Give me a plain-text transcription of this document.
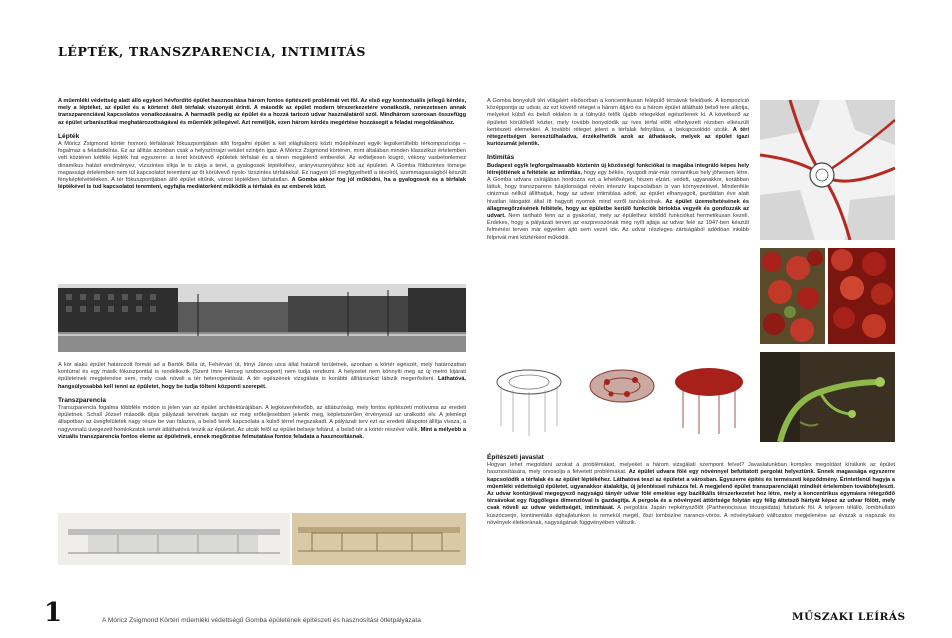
LÉPTÉK, TRANSZPARENCIA, INTIMITÁS

A műemléki védettség alatt álló egykori hévfordító épület hasznosítása három fontos építészeti problémát vet föl. Az első egy kontextuális jellegű kérdés, mely a léptéket, az épület és a körteret öleli térfalak viszonyát érinti. A második az épület modern térszerkezetére vonatkozik, nevezetesen annak transzparenciával kapcsolatos vonatkozásaira. A harmadik pedig az épület és a hozzá tartozó udvar használatáról szól. Mindhárom szorosan összefügg az épület urbanisztikai meghatározottságával és műemlék jellegével. Azt reméljük, ezen három kérdés megértése hozzásegít a feladat megoldásához.

Lépték

A Móricz Zsigmond körtér homorú térfalának fókuszpontjában álló forgalmi épület a két világháború közti műépítészet egyik legsikerültebb térkompozíciója – fogalmaz a feladatkiírás. Ez az állítás azonban csak a helyszínrajzi vetület szintjén igaz. A Móricz Zsigmond körtéren, mint általában minden klasszikus értelemben vett köztéren kétféle lépték hat egyszerre: a teret körülvevő épületek térfalaé és a téren megjelenő emberéké. Az erőteljesen kiugró, vékony vasbetonlemez dinamikus hatást eredményez, vízszintes síkja le is zárja a teret, a gyalogosok léptékéhez, arányviszonyához köti az épületet. A Gomba földszintes tömege magassági értelemben nem túl kapcsolatot teremteni az őt körülvevő nyolc- tizszintes térfalakkal. Ez nagyon jól megfigyelhető a távolról, szemmagasságból készült fényképfelvételeken. A tér fókuszpontjában álló épület eltűnik, városi léptékben láthatatlan. A Gomba akkor fog jól működni, ha a gyalogosok és a térfalak léptékével is tud kapcsolatot teremteni, egyfajta mediátorként működik a térfalak és az emberek közt.

A kör alakú épület határozott formát ad a Bartók Béla út, Fehérvári út, Irinyi János utca által határolt területnek, azonban a körtér egészét, mely határozattan kontúrral és egy másik fókuszponttal is rendelkezik (Szent Imre Herceg szoborcsoport) nem tudja rendezni. A helyzetet nem könnyíti meg az új metró kijárati épületeinek megjelenése sem, mely csak növeli a tér heterogenitását. A tér egészének vizsgálata is korábbi állításunkat látszik megerősíteni. Láthatóvá, hangsúlyosabbá kell tenni az épületet, hogy be tudja tölteni központi szerepét.

Transzparencia

Transzparencia fogalma többféle módon is jelen van az épület architektúrájában. A legkézenfekvőbb, az átlátszóság, mely fontos építészeti motívuma az eredeti épületnek. Schall József második díjas pályázati tervének tanjain ez még erőteljesebben jelenik meg, képletszerűen érvényesül az uralkodó elv. A jelenlegi állapotban az üvegfelületek nagy része be van falazva, a belső terek kapcsolata a külső térrel megszakadt. A pályázati terv ezt az eredeti állapotot állítja vissza, a nagyvonalú üvegezett homlokzatok ismét átláthatóvá teszik az épületet. Az utcák felől az épület belseje feltárul, a belső tér a körtér részévé válik. Mint a mélyebb a vizuális transzparencia fontos eleme az épületnek, ennek megőrzése felmutatása fontos feladata a hasznosításnak.

A Gomba bonyolult téri világáért elsősorban a koncentrikusan felépülő térsávok felelősek. A kompozíció középpontja az udvar, az ezt követő réteget a három átjáró és a három épület átlátható belső tere alkotja, melyeket külső és belső oldalon is a túlnyúló tetők újabb rétegekkel egészítenek ki. A következő az épületet körülölelő közter, mely tovább bonyolódik az íves térfal előtt elhelyezett rézsben elkészült kertészeti elemekkel. A további réteget jelent a térfalak felnyílása, a bekapcsolódó utcák. A téri rétegzettségen keresztülhaladva, érzékelhetők azok az áthatások, melyek az épület igazi kuriózumát jelentik.

Intimitás

Budapest egyik legforgalmasabb közterén új közösségi funkciókat is magába integráló képes hely létrejöttének a feltétele az intimitás, hogy egy békés, nyugodt már-már romantikus hely jöhessen létre. A Gomba udvara csírájában hordozza ezt a lehetőséget, hiszen elzárt, védett, ugyanakkor, korábban láttuk, hogy transzparens tulajdonságai révén intenzív kapcsolatban is van környezetével. Mindenféle cinizmus nélkül állíthatjuk, hogy az udvar intimitása adott, az épület elhanyagolt, gazdátlan éve alatt hivatlan látogatói által ítt hagyott nyomok mind ezről tanúskodnak. Az épület üzemeltetésének és állagmegőrzésének feltétele, hogy az épületbe kerülő funkciók birtokba vegyék és gondozzák az udvart. Nem tartható fenn az a gyakorlat, mely az épülethez kötődő funkciókat hermetikusan kezeli. Érdekes, hogy a pályázati terven az eszpresszónak még nyílt ajtaja az udvar felé az 1947-ben készült felmérési terven már egyetlen ajtó sem vezet ide. Az udvar részleges zártságából adódóan inkább félprivát mint köztérként működik.

Építészeti javaslat

Hogyan lehet megoldani azokat a problémákat, melyeket a három vizsgálati szempont felvet? Javaslatunkban komplex megoldást kínálunk az épület hasznosítására, mely orvosolja a felvetett problémákat. Az épület udvara fölé egy növénnyel befuttatott pergolát helyeztünk. Ennek magassága egyszerre kapcsolódik a térfalak és az épület léptékéhez. Láthatóvá teszi az épületet a városban. Egyszerre építés és természeti képződmény. Érintetlenül hagyja a műemléki védettségű épületet, ugyanakkor átalakítja, új jelentéssel ruházza fel. A megjelenő épület transzparenciáját mindkét értelemben továbbfejleszti. Az udvar kontúrjával megegyező nagyságú tányér udvar fölé emelése egy bazilikális térszerkezetet hoz létre, mely a koncentrikus egymásra rétegződő térsávokat egy függőleges dimenzióval is gazdagítja. A pergola és a növényzet áttörtsége folytán egy félig áttetsző hártyát képez az udvar fölött, mely csak növeli az udvar védettségét, intimitását. A pergolára Japán repkényszőlőt (Parthenocissus tricuspidata) futtatunk föl. A teljesen télálló, lombhullató kúszócserje, kontinentális éghajlatunkon is remekül megél, őszi lombszíne narancs-vörös. A növénytakaró változatos megjelenése az évszak a napszak és növények életkorának, nagyságának függvényében változik.

1	A Móricz Zsigmond Körtéri műemléki védettségű Gomba épületének építészeti és hasznosítási ötletpályázata	MŰSZAKI LEÍRÁS
